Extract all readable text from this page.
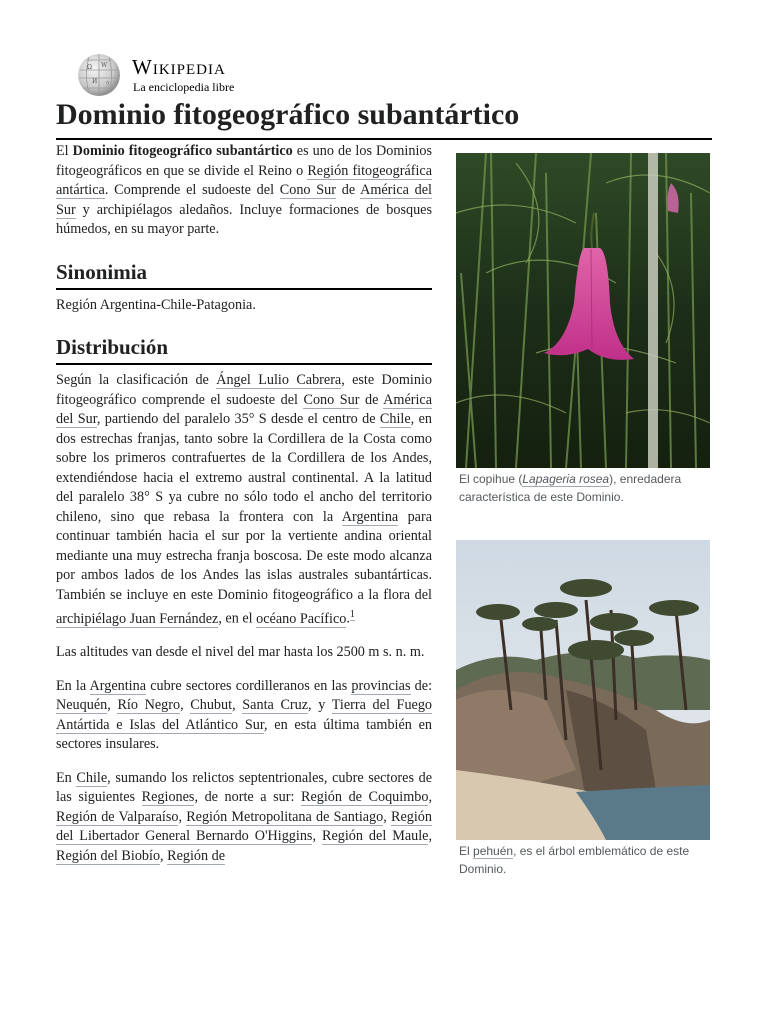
Ω W
И ウ
Wikipedia
La enciclopedia libre
Dominio fitogeográfico subantártico

El Dominio fitogeográfico subantártico es uno de los Dominios fitogeográficos en que se divide el Reino o Región fitogeográfica antártica. Comprende el sudoeste del Cono Sur de América del Sur y archipiélagos aledaños. Incluye formaciones de bosques húmedos, en su mayor parte.

Sinonimia

Región Argentina-Chile-Patagonia.

Distribución

Según la clasificación de Ángel Lulio Cabrera, este Dominio fitogeográfico comprende el sudoeste del Cono Sur de América del Sur, partiendo del paralelo 35° S desde el centro de Chile, en dos estrechas franjas, tanto sobre la Cordillera de la Costa como sobre los primeros contrafuertes de la Cordillera de los Andes, extendiéndose hacia el extremo austral continental. A la latitud del paralelo 38° S ya cubre no sólo todo el ancho del territorio chileno, sino que rebasa la frontera con la Argentina para continuar también hacia el sur por la vertiente andina oriental mediante una muy estrecha franja boscosa. De este modo alcanza por ambos lados de los Andes las islas australes subantárticas. También se incluye en este Dominio fitogeográfico a la flora del archipiélago Juan Fernández, en el océano Pacífico.$^1$

Las altitudes van desde el nivel del mar hasta los 2500 m s. n. m.

En la Argentina cubre sectores cordilleranos en las provincias de: Neuquén, Río Negro, Chubut, Santa Cruz, y Tierra del Fuego Antártida e Islas del Atlántico Sur, en esta última también en sectores insulares.

En Chile, sumando los relictos septentrionales, cubre sectores de las siguientes Regiones, de norte a sur: Región de Coquimbo, Región de Valparaíso, Región Metropolitana de Santiago, Región del Libertador General Bernardo O'Higgins, Región del Maule, Región del Biobío, Región de

El copihue (Lapageria rosea), enredadera característica de este Dominio.
El pehuén, es el árbol emblemático de este Dominio.
